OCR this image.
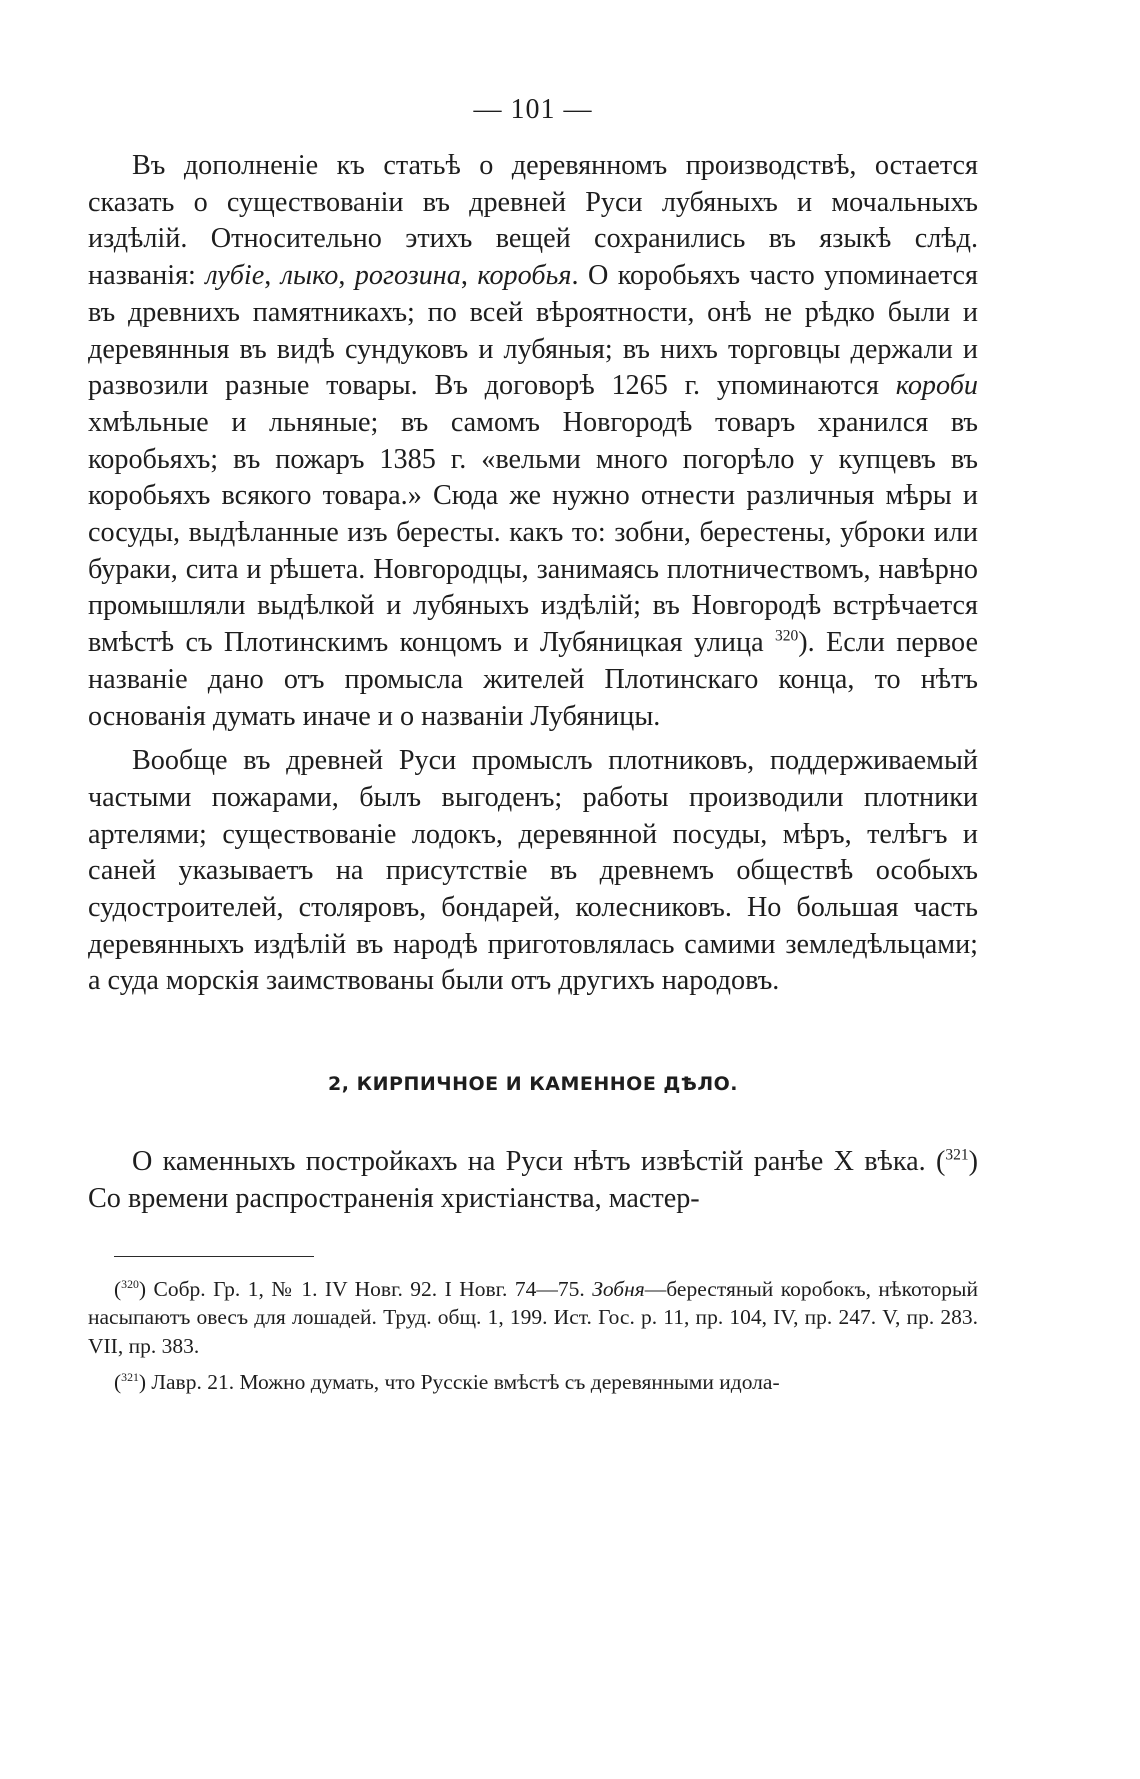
— 101 —

Въ дополненіе къ статьѣ о деревянномъ производствѣ, остается сказать о существованіи въ древней Руси лубяныхъ и мочальныхъ издѣлій. Относительно этихъ вещей сохранились въ языкѣ слѣд. названія: лубіе, лыко, рогозина, коробья. О коробьяхъ часто упоминается въ древнихъ памятникахъ; по всей вѣроятности, онѣ не рѣдко были и деревянныя въ видѣ сундуковъ и лубяныя; въ нихъ торговцы держали и развозили разные товары. Въ договорѣ 1265 г. упоминаются короби хмѣльные и льняные; въ самомъ Новгородѣ товаръ хранился въ коробьяхъ; въ пожаръ 1385 г. «вельми много погорѣло у купцевъ въ коробьяхъ всякого товара.» Сюда же нужно отнести различныя мѣры и сосуды, выдѣланные изъ бересты. какъ то: зобни, берестены, уброки или бураки, сита и рѣшета. Новгородцы, занимаясь плотничествомъ, навѣрно промышляли выдѣлкой и лубяныхъ издѣлій; въ Новгородѣ встрѣчается вмѣстѣ съ Плотинскимъ концомъ и Лубяницкая улица $^{320}$). Если первое названіе дано отъ промысла жителей Плотинскаго конца, то нѣтъ основанія думать иначе и о названіи Лубяницы.

Вообще въ древней Руси промыслъ плотниковъ, поддерживаемый частыми пожарами, былъ выгоденъ; работы производили плотники артелями; существованіе лодокъ, деревянной посуды, мѣръ, телѣгъ и саней указываетъ на присутствіе въ древнемъ обществѣ особыхъ судостроителей, столяровъ, бондарей, колесниковъ. Но большая часть деревянныхъ издѣлій въ народѣ приготовлялась самими земледѣльцами; а суда морскія заимствованы были отъ другихъ народовъ.

2, КИРПИЧНОЕ И КАМЕННОЕ ДѢЛО.

О каменныхъ постройкахъ на Руси нѣтъ извѣстій ранѣе X вѣка. ($^{321}$) Со времени распространенія христіанства, мастер-

($^{320}$) Собр. Гр. 1, № 1. IV Новг. 92. I Новг. 74—75. Зобня—берестяный коробокъ, нѣкоторый насыпаютъ овесъ для лошадей. Труд. общ. 1, 199. Ист. Гос. р. 11, пр. 104, IV, пр. 247. V, пр. 283. VII, пр. 383.

($^{321}$) Лавр. 21. Можно думать, что Русскіе вмѣстѣ съ деревянными идола-
